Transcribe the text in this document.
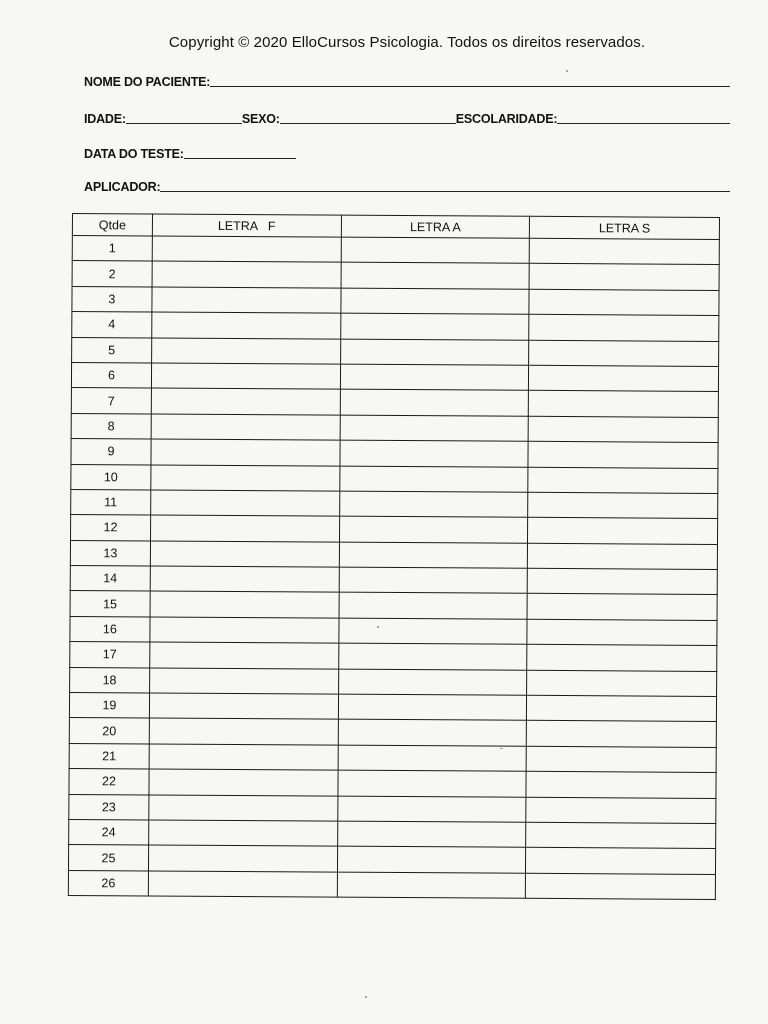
Copyright © 2020 ElloCursos Psicologia. Todos os direitos reservados.
NOME DO PACIENTE:
IDADE:	SEXO:	ESCOLARIDADE:
DATA DO TESTE:
APLICADOR:
Qtde	LETRA   F	LETRA A	LETRA S
1			
2			
3			
4			
5			
6			
7			
8			
9			
10			
11			
12			
13			
14			
15			
16			
17			
18			
19			
20			
21			
22			
23			
24			
25			
26			
